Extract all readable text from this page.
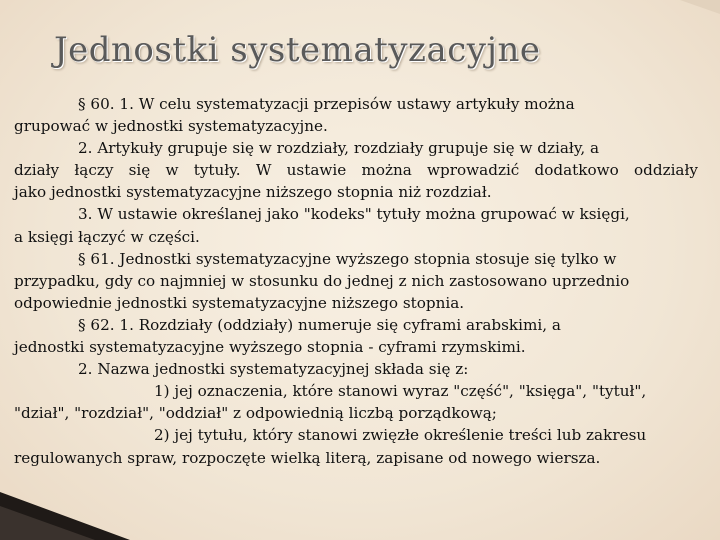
Jednostki systematyzacyjne
§ 60. 1. W celu systematyzacji przepisów ustawy artykuły można
grupować w jednostki systematyzacyjne.
2. Artykuły grupuje się w rozdziały, rozdziały grupuje się w działy, a
działy łączy się w tytuły. W ustawie można wprowadzić dodatkowo oddziały
jako jednostki systematyzacyjne niższego stopnia niż rozdział.
3. W ustawie określanej jako "kodeks" tytuły można grupować w księgi,
a księgi łączyć w części.
§ 61. Jednostki systematyzacyjne wyższego stopnia stosuje się tylko w
przypadku, gdy co najmniej w stosunku do jednej z nich zastosowano uprzednio
odpowiednie jednostki systematyzacyjne niższego stopnia.
§ 62. 1. Rozdziały (oddziały) numeruje się cyframi arabskimi, a
jednostki systematyzacyjne wyższego stopnia - cyframi rzymskimi.
2. Nazwa jednostki systematyzacyjnej składa się z:
1) jej oznaczenia, które stanowi wyraz "część", "księga", "tytuł",
"dział", "rozdział", "oddział" z odpowiednią liczbą porządkową;
2) jej tytułu, który stanowi zwięzłe określenie treści lub zakresu
regulowanych spraw, rozpoczęte wielką literą, zapisane od nowego wiersza.
